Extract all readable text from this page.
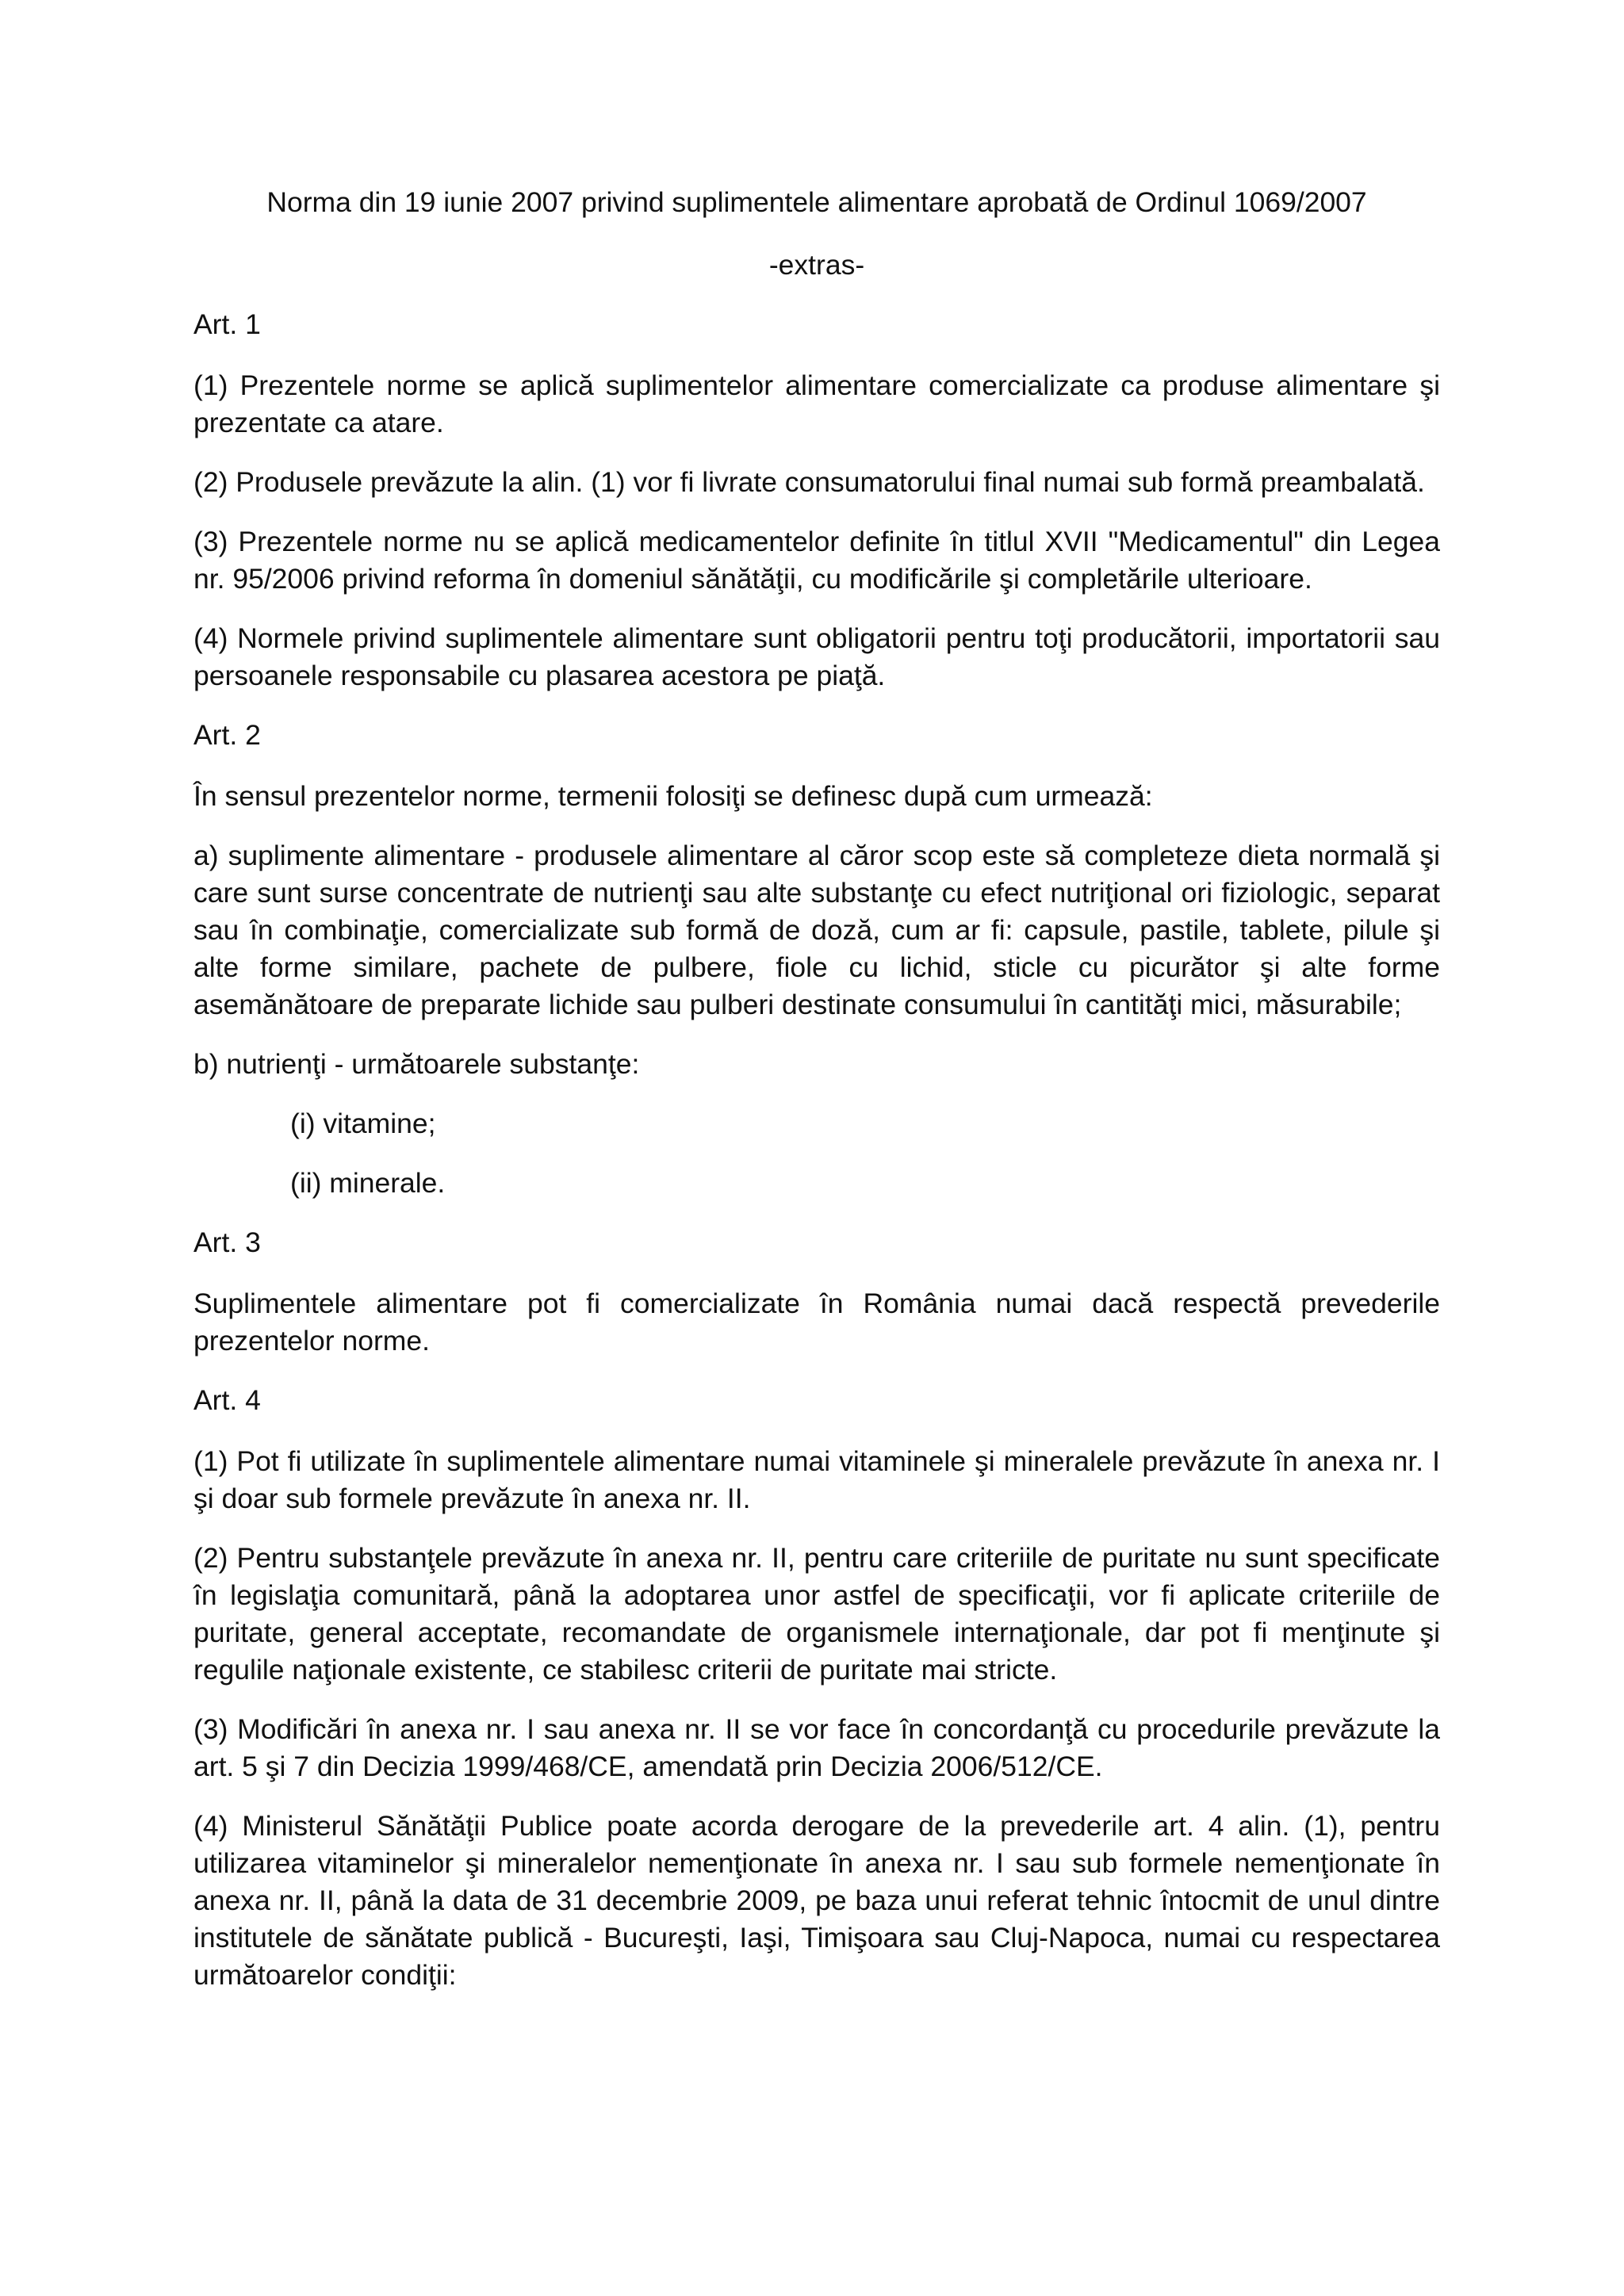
Norma din 19 iunie 2007 privind suplimentele alimentare aprobată de Ordinul 1069/2007
-extras-
Art. 1
(1) Prezentele norme se aplică suplimentelor alimentare comercializate ca produse alimentare şi prezentate ca atare.
(2) Produsele prevăzute la alin. (1) vor fi livrate consumatorului final numai sub formă preambalată.
(3) Prezentele norme nu se aplică medicamentelor definite în titlul XVII "Medicamentul" din Legea nr. 95/2006 privind reforma în domeniul sănătăţii, cu modificările şi completările ulterioare.
(4) Normele privind suplimentele alimentare sunt obligatorii pentru toţi producătorii, importatorii sau persoanele responsabile cu plasarea acestora pe piaţă.
Art. 2
În sensul prezentelor norme, termenii folosiţi se definesc după cum urmează:
a) suplimente alimentare - produsele alimentare al căror scop este să completeze dieta normală şi care sunt surse concentrate de nutrienţi sau alte substanţe cu efect nutriţional ori fiziologic, separat sau în combinaţie, comercializate sub formă de doză, cum ar fi: capsule, pastile, tablete, pilule şi alte forme similare, pachete de pulbere, fiole cu lichid, sticle cu picurător şi alte forme asemănătoare de preparate lichide sau pulberi destinate consumului în cantităţi mici, măsurabile;
b) nutrienţi - următoarele substanţe:
(i) vitamine;
(ii) minerale.
Art. 3
Suplimentele alimentare pot fi comercializate în România numai dacă respectă prevederile prezentelor norme.
Art. 4
(1) Pot fi utilizate în suplimentele alimentare numai vitaminele şi mineralele prevăzute în anexa nr. I şi doar sub formele prevăzute în anexa nr. II.
(2) Pentru substanţele prevăzute în anexa nr. II, pentru care criteriile de puritate nu sunt specificate în legislaţia comunitară, până la adoptarea unor astfel de specificaţii, vor fi aplicate criteriile de puritate, general acceptate, recomandate de organismele internaţionale, dar pot fi menţinute şi regulile naţionale existente, ce stabilesc criterii de puritate mai stricte.
(3) Modificări în anexa nr. I sau anexa nr. II se vor face în concordanţă cu procedurile prevăzute la art. 5 şi 7 din Decizia 1999/468/CE, amendată prin Decizia 2006/512/CE.
(4) Ministerul Sănătăţii Publice poate acorda derogare de la prevederile art. 4 alin. (1), pentru utilizarea vitaminelor şi mineralelor nemenţionate în anexa nr. I sau sub formele nemenţionate în anexa nr. II, până la data de 31 decembrie 2009, pe baza unui referat tehnic întocmit de unul dintre institutele de sănătate publică - Bucureşti, Iaşi, Timişoara sau Cluj-Napoca, numai cu respectarea următoarelor condiţii:
